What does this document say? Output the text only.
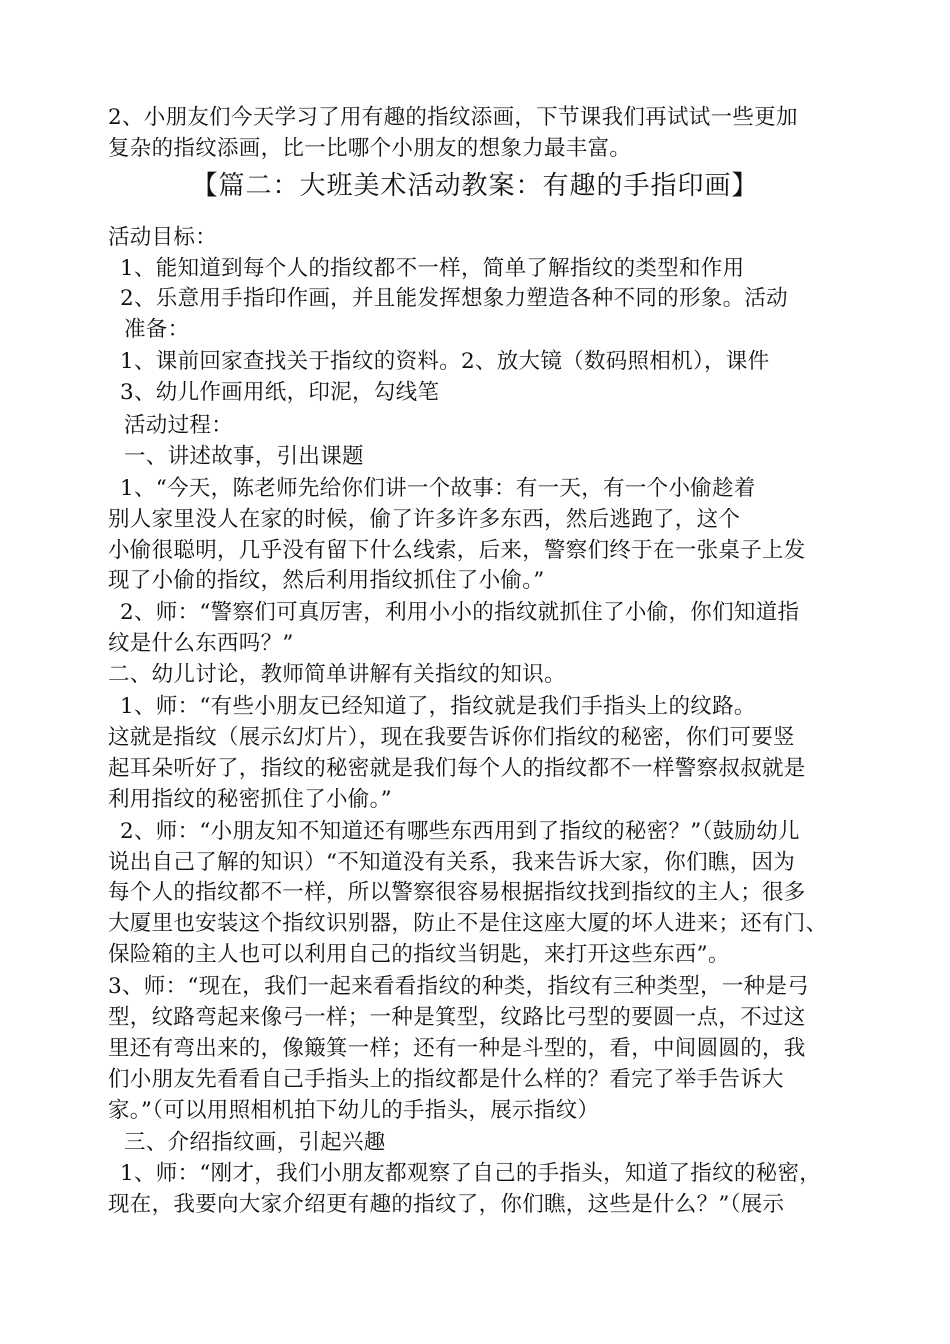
2、小朋友们今天学习了用有趣的指纹添画，下节课我们再试试一些更加
复杂的指纹添画，比一比哪个小朋友的想象力最丰富。
【篇二：大班美术活动教案：有趣的手指印画】
活动目标：
1、能知道到每个人的指纹都不一样，简单了解指纹的类型和作用
2、乐意用手指印作画，并且能发挥想象力塑造各种不同的形象。活动
准备：
1、课前回家查找关于指纹的资料。2、放大镜（数码照相机），课件
3、幼儿作画用纸，印泥，勾线笔
活动过程：
一、讲述故事，引出课题
1、“今天，陈老师先给你们讲一个故事：有一天，有一个小偷趁着
别人家里没人在家的时候，偷了许多许多东西，然后逃跑了，这个
小偷很聪明，几乎没有留下什么线索，后来，警察们终于在一张桌子上发
现了小偷的指纹，然后利用指纹抓住了小偷。”
2、师：“警察们可真厉害，利用小小的指纹就抓住了小偷，你们知道指
纹是什么东西吗？”
二、幼儿讨论，教师简单讲解有关指纹的知识。
1、师：“有些小朋友已经知道了，指纹就是我们手指头上的纹路。
这就是指纹（展示幻灯片），现在我要告诉你们指纹的秘密，你们可要竖
起耳朵听好了，指纹的秘密就是我们每个人的指纹都不一样警察叔叔就是
利用指纹的秘密抓住了小偷。”
2、师：“小朋友知不知道还有哪些东西用到了指纹的秘密？”（鼓励幼儿
说出自己了解的知识）“不知道没有关系，我来告诉大家，你们瞧，因为
每个人的指纹都不一样，所以警察很容易根据指纹找到指纹的主人；很多
大厦里也安装这个指纹识别器，防止不是住这座大厦的坏人进来；还有门、
保险箱的主人也可以利用自己的指纹当钥匙，来打开这些东西”。
3、师：“现在，我们一起来看看指纹的种类，指纹有三种类型，一种是弓
型，纹路弯起来像弓一样；一种是箕型，纹路比弓型的要圆一点，不过这
里还有弯出来的，像簸箕一样；还有一种是斗型的，看，中间圆圆的，我
们小朋友先看看自己手指头上的指纹都是什么样的？看完了举手告诉大
家。”（可以用照相机拍下幼儿的手指头，展示指纹）
三、介绍指纹画，引起兴趣
1、师：“刚才，我们小朋友都观察了自己的手指头，知道了指纹的秘密，
现在，我要向大家介绍更有趣的指纹了，你们瞧，这些是什么？”（展示
